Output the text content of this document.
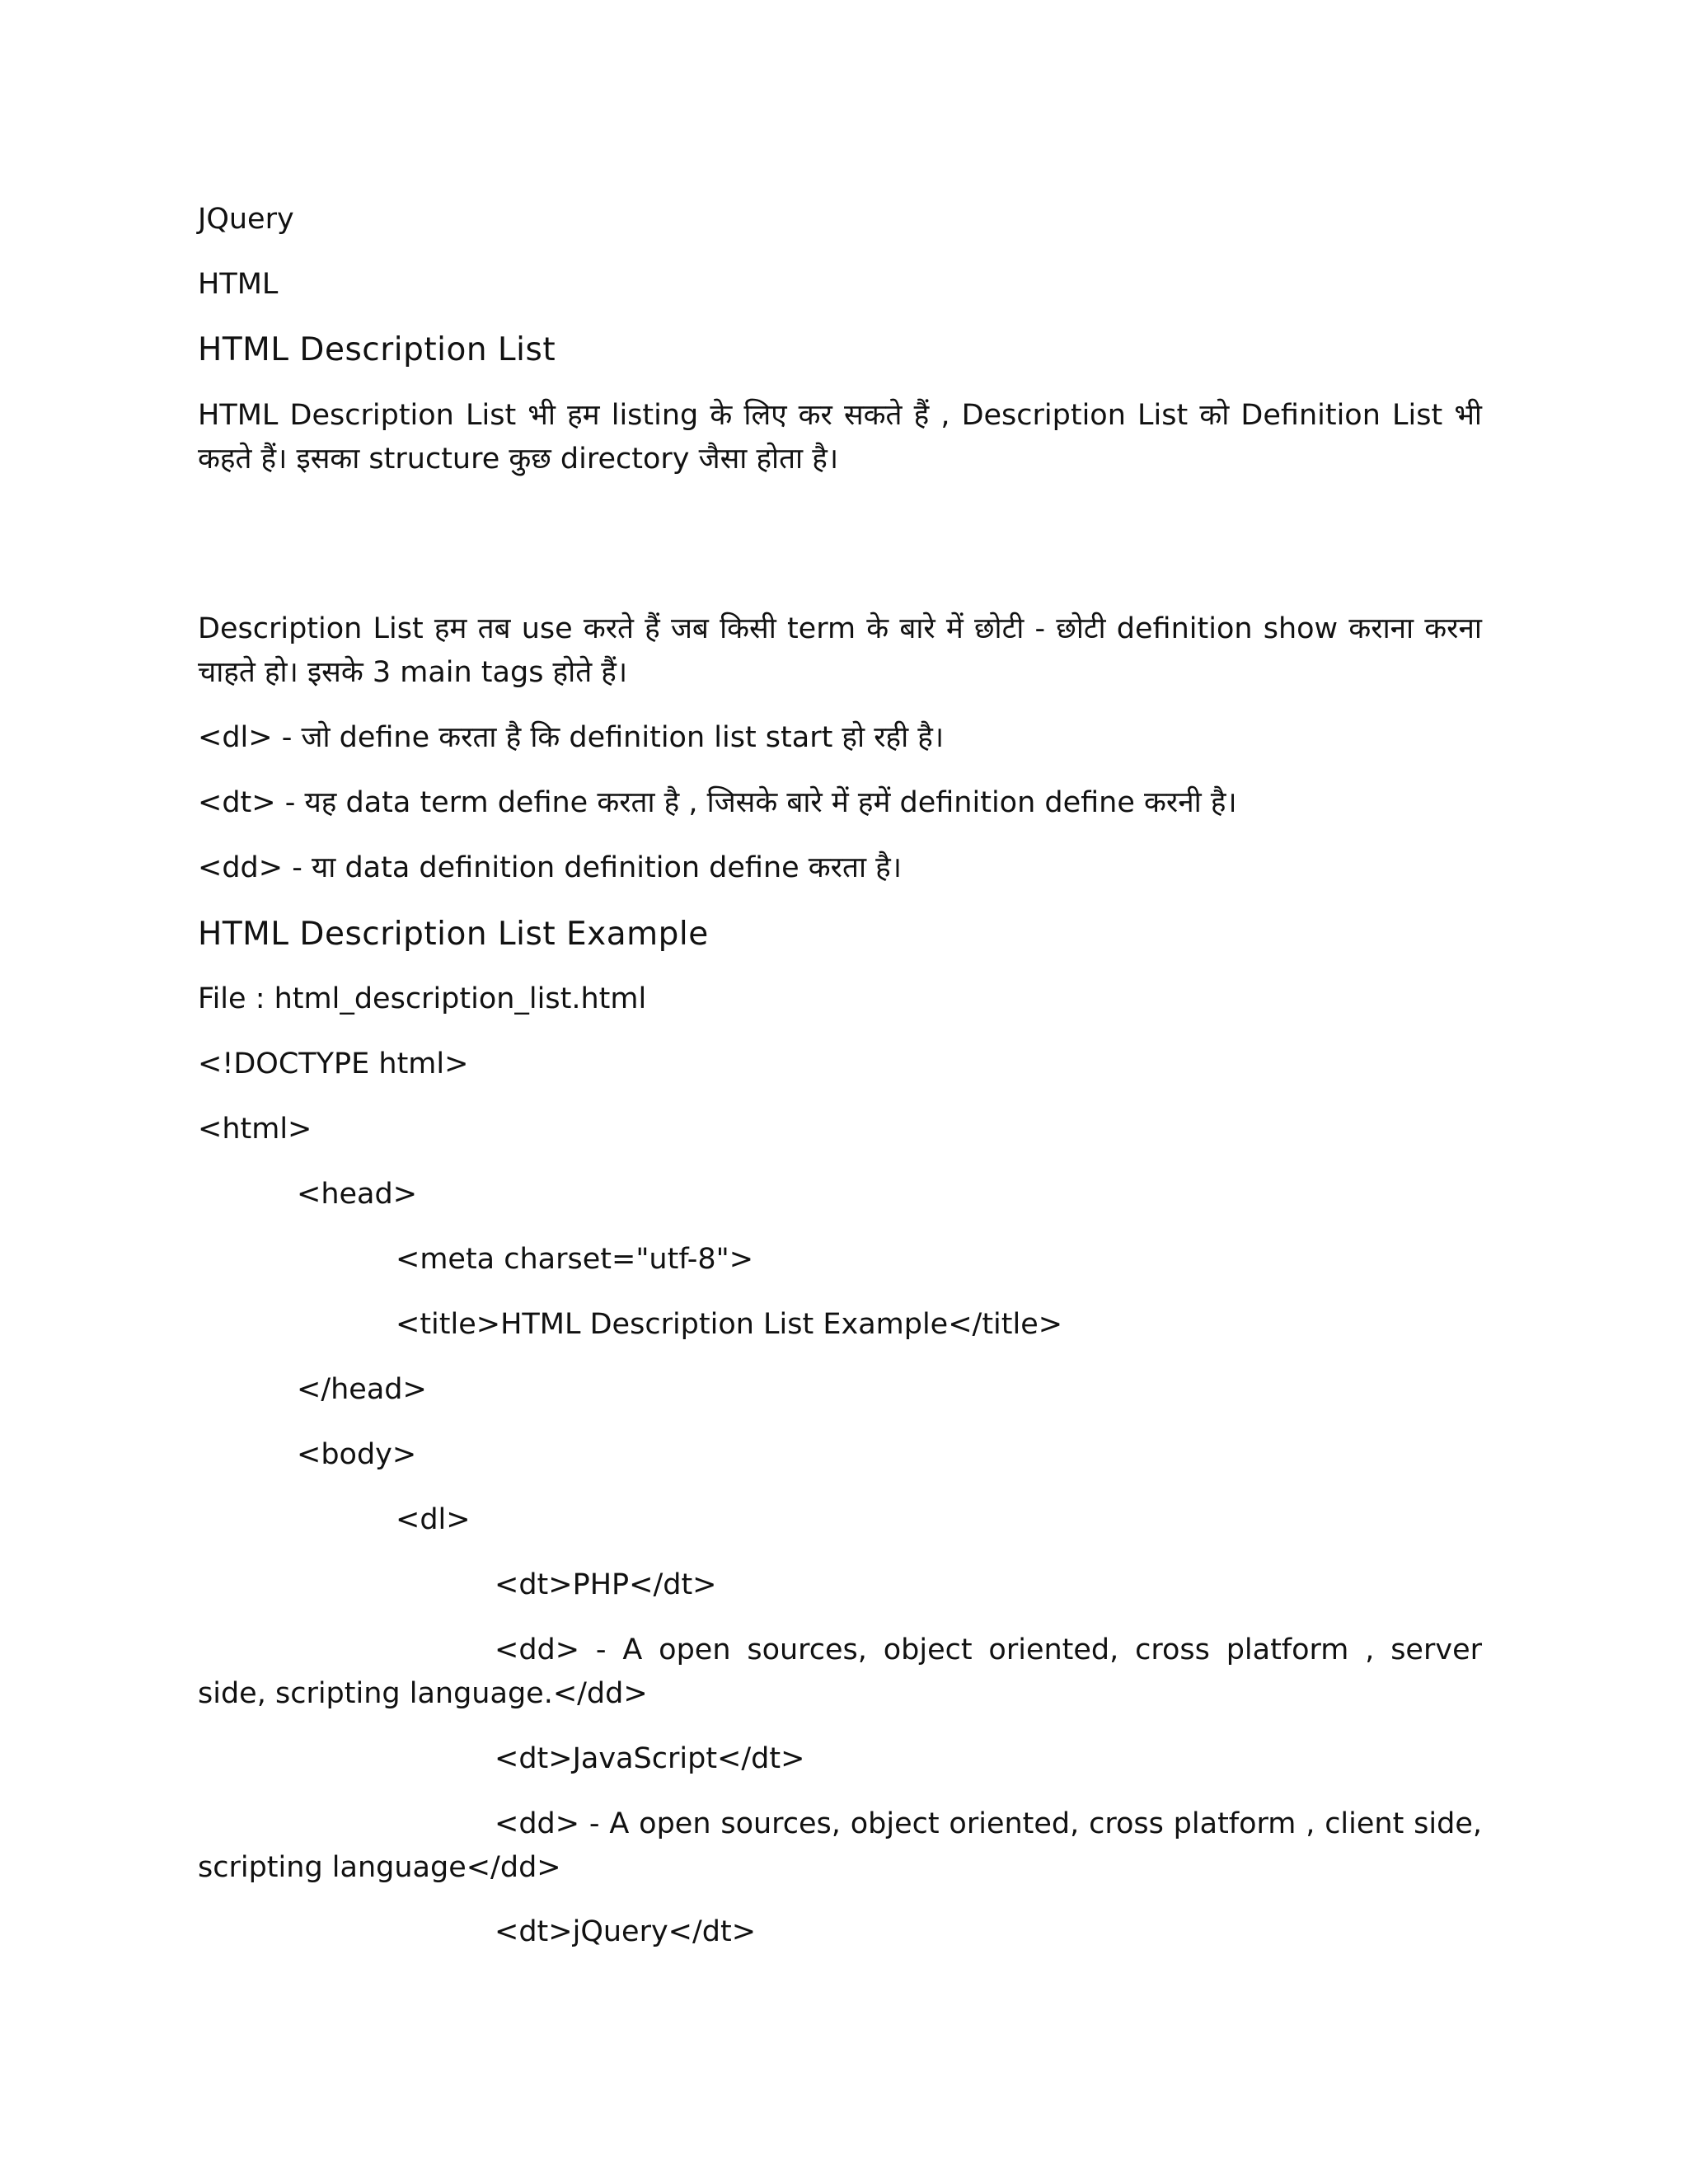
JQuery

HTML

HTML Description List

HTML Description List भी हम listing के लिए कर सकते हैं , Description List को Definition List भी कहते हैं। इसका structure कुछ directory जैसा होता है।

Description List हम तब use करते हैं जब किसी term के बारे में छोटी - छोटी definition show कराना करना चाहते हो। इसके 3 main tags होते हैं।

<dl> - जो define करता है कि definition list start हो रही है।

<dt> - यह data term define करता है , जिसके बारे में हमें definition define करनी है।

<dd> - या data definition definition define करता है।

HTML Description List Example

File : html_description_list.html

<!DOCTYPE html>

<html>

<head>

<meta charset="utf-8">

<title>HTML Description List Example</title>

</head>

<body>

<dl>

<dt>PHP</dt>

<dd> - A open sources, object oriented, cross platform , server side, scripting language.</dd>

<dt>JavaScript</dt>

<dd> - A open sources, object oriented, cross platform , client side, scripting language</dd>

<dt>jQuery</dt>
